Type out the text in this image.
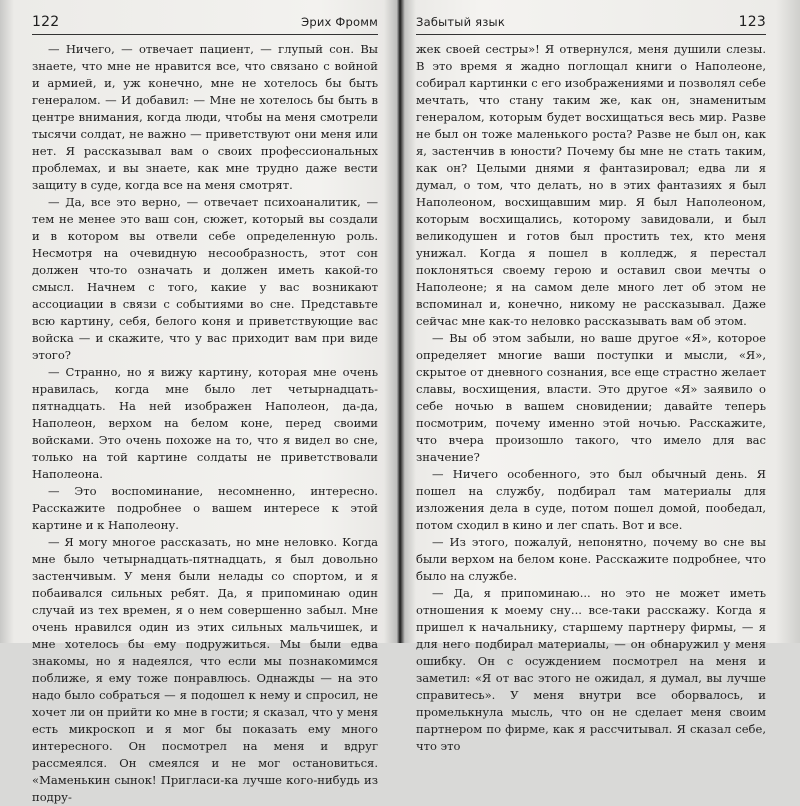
122	Эрих Фромм

— Ничего, — отвечает пациент, — глупый сон. Вы знаете, что мне не нравится все, что связано с войной и армией, и, уж конечно, мне не хотелось бы быть генералом. — И добавил: — Мне не хотелось бы быть в центре внимания, когда люди, чтобы на меня смотрели тысячи солдат, не важно — приветствуют они меня или нет. Я рассказывал вам о своих профессиональных проблемах, и вы знаете, как мне трудно даже вести защиту в суде, когда все на меня смотрят.

— Да, все это верно, — отвечает психоаналитик, — тем не менее это ваш сон, сюжет, который вы создали и в котором вы отвели себе определенную роль. Несмотря на очевидную несообразность, этот сон должен что-то означать и должен иметь какой-то смысл. Начнем с того, какие у вас возникают ассоциации в связи с событиями во сне. Представьте всю картину, себя, белого коня и приветствующие вас войска — и скажите, что у вас приходит вам при виде этого?

— Странно, но я вижу картину, которая мне очень нравилась, когда мне было лет четырнадцать-пятнадцать. На ней изображен Наполеон, да-да, Наполеон, верхом на белом коне, перед своими войсками. Это очень похоже на то, что я видел во сне, только на той картине солдаты не приветствовали Наполеона.

— Это воспоминание, несомненно, интересно. Расскажите подробнее о вашем интересе к этой картине и к Наполеону.

— Я могу многое рассказать, но мне неловко. Когда мне было четырнадцать-пятнадцать, я был довольно застенчивым. У меня были нелады со спортом, и я побаивался сильных ребят. Да, я припоминаю один случай из тех времен, я о нем совершенно забыл. Мне очень нравился один из этих сильных мальчишек, и мне хотелось бы ему подружиться. Мы были едва знакомы, но я надеялся, что если мы познакомимся поближе, я ему тоже понравлюсь. Однажды — на это надо было собраться — я подошел к нему и спросил, не хочет ли он прийти ко мне в гости; я сказал, что у меня есть микроскоп и я мог бы показать ему много интересного. Он посмотрел на меня и вдруг рассмеялся. Он смеялся и не мог остановиться. «Маменькин сынок! Пригласи-ка лучше кого-нибудь из подру-

Забытый язык	123

жек своей сестры»! Я отвернулся, меня душили слезы. В это время я жадно поглощал книги о Наполеоне, собирал картинки с его изображениями и позволял себе мечтать, что стану таким же, как он, знаменитым генералом, которым будет восхищаться весь мир. Разве не был он тоже маленького роста? Разве не был он, как я, застенчив в юности? Почему бы мне не стать таким, как он? Целыми днями я фантазировал; едва ли я думал, о том, что делать, но в этих фантазиях я был Наполеоном, восхищавшим мир. Я был Наполеоном, которым восхищались, которому завидовали, и был великодушен и готов был простить тех, кто меня унижал. Когда я пошел в колледж, я перестал поклоняться своему герою и оставил свои мечты о Наполеоне; я на самом деле много лет об этом не вспоминал и, конечно, никому не рассказывал. Даже сейчас мне как-то неловко рассказывать вам об этом.

— Вы об этом забыли, но ваше другое «Я», которое определяет многие ваши поступки и мысли, «Я», скрытое от дневного сознания, все еще страстно желает славы, восхищения, власти. Это другое «Я» заявило о себе ночью в вашем сновидении; давайте теперь посмотрим, почему именно этой ночью. Расскажите, что вчера произошло такого, что имело для вас значение?

— Ничего особенного, это был обычный день. Я пошел на службу, подбирал там материалы для изложения дела в суде, потом пошел домой, пообедал, потом сходил в кино и лег спать. Вот и все.

— Из этого, пожалуй, непонятно, почему во сне вы были верхом на белом коне. Расскажите подробнее, что было на службе.

— Да, я припоминаю... но это не может иметь отношения к моему сну... все-таки расскажу. Когда я пришел к начальнику, старшему партнеру фирмы, — я для него подбирал материалы, — он обнаружил у меня ошибку. Он с осуждением посмотрел на меня и заметил: «Я от вас этого не ожидал, я думал, вы лучше справитесь». У меня внутри все оборвалось, и промелькнула мысль, что он не сделает меня своим партнером по фирме, как я рассчитывал. Я сказал себе, что это
